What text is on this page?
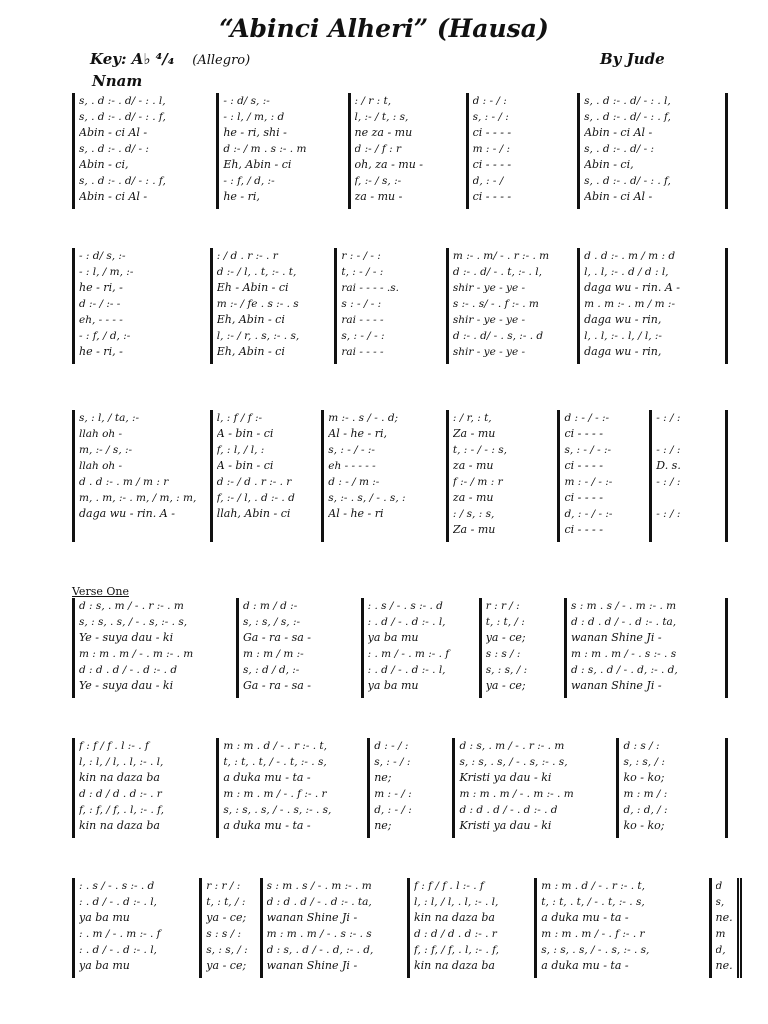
“Abinci Alheri” (Hausa)
Key: A♭ ⁴/₄ (Allegro)	By Jude
Nnam
Verse One
s, . d :- . d/ - : . l,
s, . d :- . d/ - : . f,
Abin - ci Al -
s, . d :- . d/ - :
Abin - ci,
s, . d :- . d/ - : . f,
Abin - ci Al -
- : d/ s, :-
- : l, / m, : d
he - ri, shi -
d :- / m . s :- . m
Eh, Abin - ci
- : f, / d, :-
he - ri,
: / r : t,
l, :- / t, : s,
ne za - mu
d :- / f : r
oh, za - mu -
f, :- / s, :-
za - mu -
d : - / :
s, : - / :
ci - - - -
m : - / :
ci - - - -
d, : - /
ci - - - -
s, . d :- . d/ - : . l,
s, . d :- . d/ - : . f,
Abin - ci Al -
s, . d :- . d/ - :
Abin - ci,
s, . d :- . d/ - : . f,
Abin - ci Al -
- : d/ s, :-
- : l, / m, :-
he - ri, -
d :- / :- -
eh, - - - -
- : f, / d, :-
he - ri, -
: / d . r :- . r
d :- / l, . t, :- . t,
Eh - Abin - ci
m :- / fe . s :- . s
Eh, Abin - ci
l, :- / r, . s, :- . s,
Eh, Abin - ci
r : - / - :
t, : - / - :
rai - - - - .s.
s : - / - :
rai - - - -
s, : - / - :
rai - - - -
m :- . m/ - . r :- . m
d :- . d/ - . t, :- . l,
shir - ye - ye -
s :- . s/ - . f :- . m
shir - ye - ye -
d :- . d/ - . s, :- . d
shir - ye - ye -
d . d :- . m / m : d
l, . l, :- . d / d : l,
daga wu - rin. A -
m . m :- . m / m :-
daga wu - rin,
l, . l, :- . l, / l, :-
daga wu - rin,
s, : l, / ta, :-
llah oh -
m, :- / s, :-
llah oh -
d . d :- . m / m : r
m, . m, :- . m, / m, : m,
daga wu - rin. A -
l, : f / f :-
A - bin - ci
f, : l, / l, :
A - bin - ci
d :- / d . r :- . r
f, :- / l, . d :- . d
llah, Abin - ci
m :- . s / - . d;
Al - he - ri,
s, : - / - :-
eh - - - - -
d : - / m :-
s, :- . s, / - . s, :
Al - he - ri
: / r, : t,
Za - mu
t, : - / - : s,
za - mu
f :- / m : r
za - mu
: / s, : s,
Za - mu
d : - / - :-
ci - - - -
s, : - / - :-
ci - - - -
m : - / - :-
ci - - - -
d, : - / - :-
ci - - - -
- : / :
- : / :
D. s.
- : / :
- : / :
d : s, . m / - . r :- . m
s, : s, . s, / - . s, :- . s,
Ye - suya dau - ki
m : m . m / - . m :- . m
d : d . d / - . d :- . d
Ye - suya dau - ki
d : m / d :-
s, : s, / s, :-
Ga - ra - sa -
m : m / m :-
s, : d / d, :-
Ga - ra - sa -
: . s / - . s :- . d
: . d / - . d :- . l,
ya ba mu
: . m / - . m :- . f
: . d / - . d :- . l,
ya ba mu
r : r / :
t, : t, / :
ya - ce;
s : s / :
s, : s, / :
ya - ce;
s : m . s / - . m :- . m
d : d . d / - . d :- . ta,
wanan Shine Ji -
m : m . m / - . s :- . s
d : s, . d / - . d, :- . d,
wanan Shine Ji -
f : f / f . l :- . f
l, : l, / l, . l, :- . l,
kin na daza ba
d : d / d . d :- . r
f, : f, / f, . l, :- . f,
kin na daza ba
m : m . d / - . r :- . t,
t, : t, . t, / - . t, :- . s,
a duka mu - ta -
m : m . m / - . f :- . r
s, : s, . s, / - . s, :- . s,
a duka mu - ta -
d : - / :
s, : - / :
ne;
m : - / :
d, : - / :
ne;
d : s, . m / - . r :- . m
s, : s, . s, / - . s, :- . s,
Kristi ya dau - ki
m : m . m / - . m :- . m
d : d . d / - . d :- . d
Kristi ya dau - ki
d : s / :
s, : s, / :
ko - ko;
m : m / :
d, : d, / :
ko - ko;
: . s / - . s :- . d
: . d / - . d :- . l,
ya ba mu
: . m / - . m :- . f
: . d / - . d :- . l,
ya ba mu
r : r / :
t, : t, / :
ya - ce;
s : s / :
s, : s, / :
ya - ce;
s : m . s / - . m :- . m
d : d . d / - . d :- . ta,
wanan Shine Ji -
m : m . m / - . s :- . s
d : s, . d / - . d, :- . d,
wanan Shine Ji -
f : f / f . l :- . f
l, : l, / l, . l, :- . l,
kin na daza ba
d : d / d . d :- . r
f, : f, / f, . l, :- . f,
kin na daza ba
m : m . d / - . r :- . t,
t, : t, . t, / - . t, :- . s,
a duka mu - ta -
m : m . m / - . f :- . r
s, : s, . s, / - . s, :- . s,
a duka mu - ta -
d
s,
ne.
m
d,
ne.
